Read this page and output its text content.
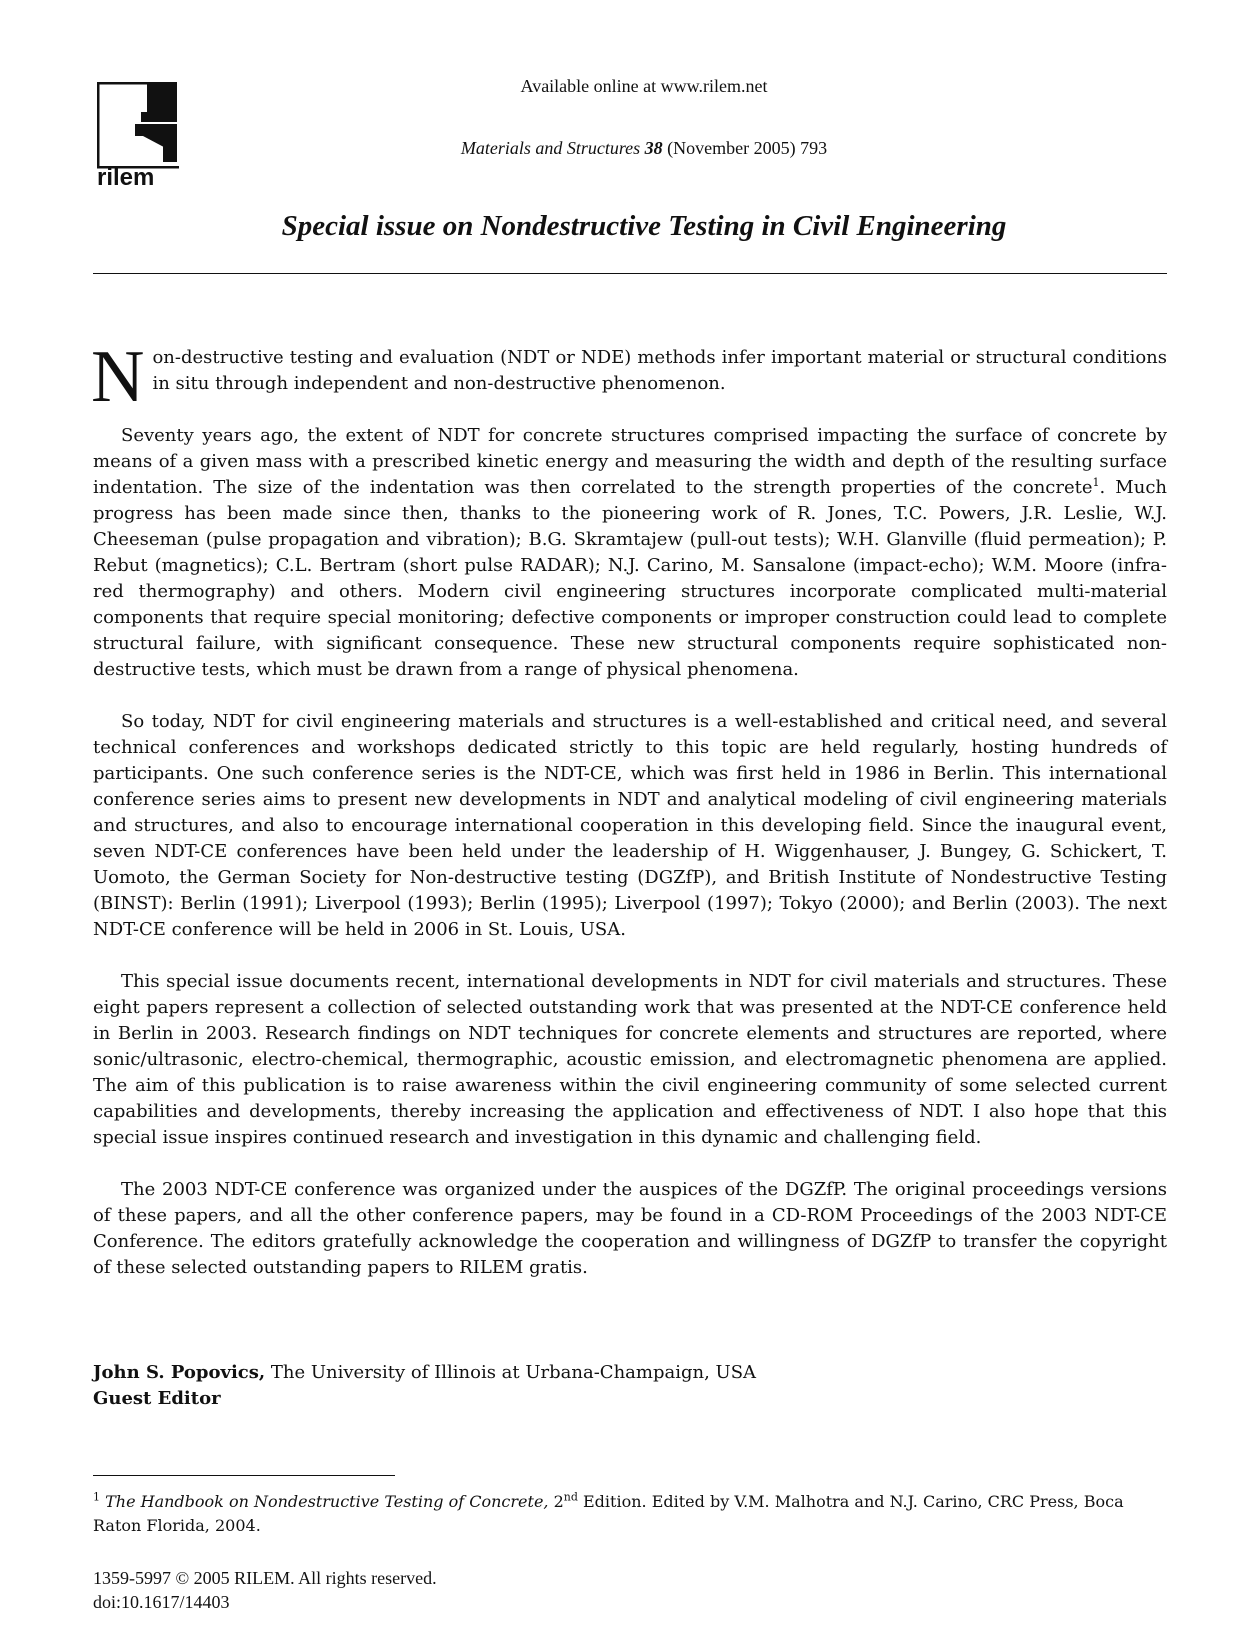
rilem
Available online at www.rilem.net
Materials and Structures 38 (November 2005) 793
Special issue on Nondestructive Testing in Civil Engineering

Non-destructive testing and evaluation (NDT or NDE) methods infer important material or structural conditions in situ through independent and non-destructive phenomenon.

Seventy years ago, the extent of NDT for concrete structures comprised impacting the surface of concrete by means of a given mass with a prescribed kinetic energy and measuring the width and depth of the resulting surface indentation. The size of the indentation was then correlated to the strength properties of the concrete$^1$. Much progress has been made since then, thanks to the pioneering work of R. Jones, T.C. Powers, J.R. Leslie, W.J. Cheeseman (pulse propagation and vibration); B.G. Skramtajew (pull-out tests); W.H. Glanville (fluid permeation); P. Rebut (magnetics); C.L. Bertram (short pulse RADAR); N.J. Carino, M. Sansalone (impact-echo); W.M. Moore (infra-red thermography) and others. Modern civil engineering structures incorporate complicated multi-material components that require special monitoring; defective components or improper construction could lead to complete structural failure, with significant consequence. These new structural components require sophisticated non-destructive tests, which must be drawn from a range of physical phenomena.

So today, NDT for civil engineering materials and structures is a well-established and critical need, and several technical conferences and workshops dedicated strictly to this topic are held regularly, hosting hundreds of participants. One such conference series is the NDT-CE, which was first held in 1986 in Berlin. This international conference series aims to present new developments in NDT and analytical modeling of civil engineering materials and structures, and also to encourage international cooperation in this developing field. Since the inaugural event, seven NDT-CE conferences have been held under the leadership of H. Wiggenhauser, J. Bungey, G. Schickert, T. Uomoto, the German Society for Non-destructive testing (DGZfP), and British Institute of Nondestructive Testing (BINST): Berlin (1991); Liverpool (1993); Berlin (1995); Liverpool (1997); Tokyo (2000); and Berlin (2003). The next NDT-CE conference will be held in 2006 in St. Louis, USA.

This special issue documents recent, international developments in NDT for civil materials and structures. These eight papers represent a collection of selected outstanding work that was presented at the NDT-CE conference held in Berlin in 2003. Research findings on NDT techniques for concrete elements and structures are reported, where sonic/ultrasonic, electro-chemical, thermographic, acoustic emission, and electromagnetic phenomena are applied. The aim of this publication is to raise awareness within the civil engineering community of some selected current capabilities and developments, thereby increasing the application and effectiveness of NDT. I also hope that this special issue inspires continued research and investigation in this dynamic and challenging field.

The 2003 NDT-CE conference was organized under the auspices of the DGZfP. The original proceedings versions of these papers, and all the other conference papers, may be found in a CD-ROM Proceedings of the 2003 NDT-CE Conference. The editors gratefully acknowledge the cooperation and willingness of DGZfP to transfer the copyright of these selected outstanding papers to RILEM gratis.

John S. Popovics, The University of Illinois at Urbana-Champaign, USA
Guest Editor
$^1$ The Handbook on Nondestructive Testing of Concrete, 2nd Edition. Edited by V.M. Malhotra and N.J. Carino, CRC Press, Boca Raton Florida, 2004.
1359-5997 © 2005 RILEM. All rights reserved.
doi:10.1617/14403
